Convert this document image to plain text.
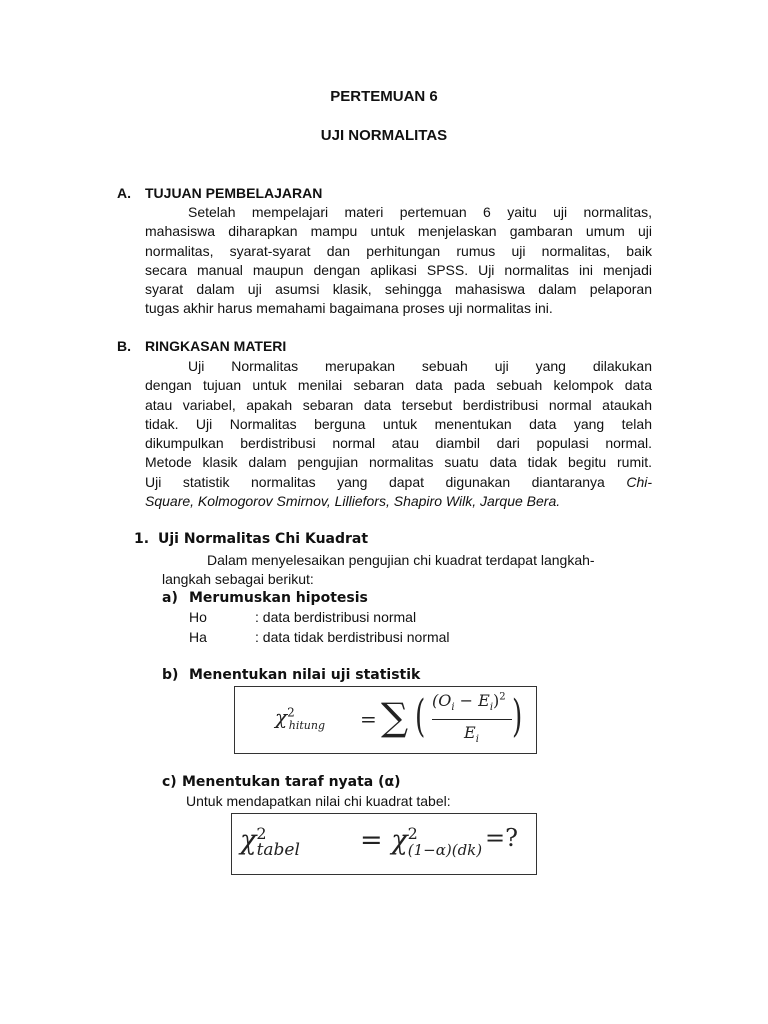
PERTEMUAN 6
UJI NORMALITAS
A. TUJUAN PEMBELAJARAN
Setelah mempelajari materi pertemuan 6 yaitu uji normalitas,
mahasiswa diharapkan mampu untuk menjelaskan gambaran umum uji
normalitas, syarat-syarat dan perhitungan rumus uji normalitas, baik
secara manual maupun dengan aplikasi SPSS. Uji normalitas ini menjadi
syarat dalam uji asumsi klasik, sehingga mahasiswa dalam pelaporan
tugas akhir harus memahami bagaimana proses uji normalitas ini.
B. RINGKASAN MATERI
Uji Normalitas merupakan sebuah uji yang dilakukan
dengan tujuan untuk menilai sebaran data pada sebuah kelompok data
atau variabel, apakah sebaran data tersebut berdistribusi normal ataukah
tidak. Uji Normalitas berguna untuk menentukan data yang telah
dikumpulkan berdistribusi normal atau diambil dari populasi normal.
Metode klasik dalam pengujian normalitas suatu data tidak begitu rumit.
Uji statistik normalitas yang dapat digunakan diantaranya Chi-
Square, Kolmogorov Smirnov, Lilliefors, Shapiro Wilk, Jarque Bera.
1. Uji Normalitas Chi Kuadrat
Dalam menyelesaikan pengujian chi kuadrat terdapat langkah-
langkah sebagai berikut:
a) Merumuskan hipotesis
Ho	: data berdistribusi normal
Ha	: data tidak berdistribusi normal
b) Menentukan nilai uji statistik
$\chi^2_{hitung}$ = ∑ ( $(O_i - E_i)^2$
$E_i$ )
c) Menentukan taraf nyata (α)
Untuk mendapatkan nilai chi kuadrat tabel:
$\chi^2_{tabel} = \chi^2_{(1-\alpha)(dk)}$ =?
